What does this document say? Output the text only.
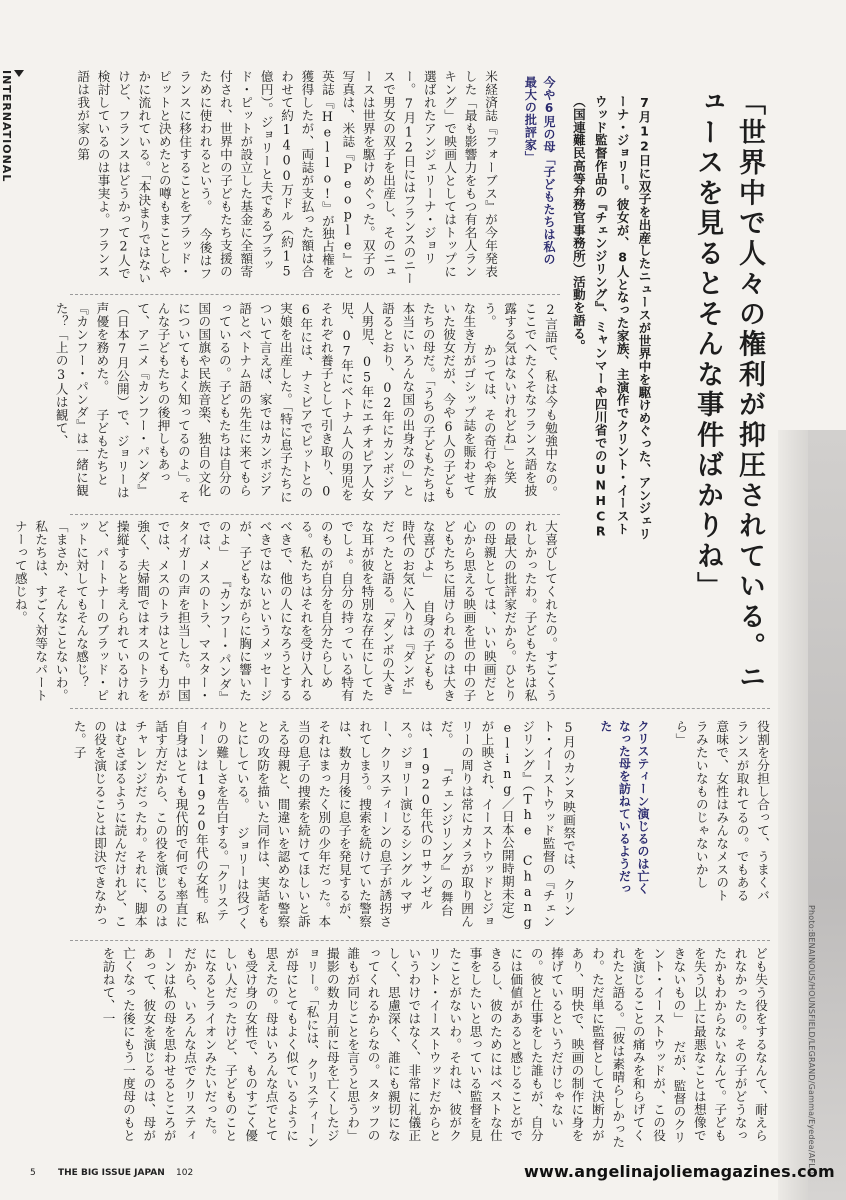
INTERNATIONAL	「世界中で人々の権利が抑圧されている。ニュースを見るとそんな事件ばかりね」
7月12日に双子を出産したニュースが世界中を駆けめぐった、アンジェリーナ・ジョリー。彼女が、8人となった家族、主演作でクリント・イーストウッド監督作品の『チェンジリング』、ミャンマーや四川省でのUNHCR（国連難民高等弁務官事務所）活動を語る。
今や6児の母「子どもたちは私の最大の批評家」
米経済誌『フォーブス』が今年発表した「最も影響力をもつ有名人ランキング」で映画人としてはトップに選ばれたアンジェリーナ・ジョリー。7月12日にはフランスのニースで男女の双子を出産し、そのニュースは世界を駆けめぐった。双子の写真は、米誌『People』と英誌『Hello!』が独占権を獲得したが、両誌が支払った額は合わせて約1400万ドル（約15億円）。ジョリーと夫であるブラッド・ピットが設立した基金に全額寄付され、世界中の子どもたち支援のために使われるという。 今後はフランスに移住することをブラッド・ピットと決めたとの噂もまことしやかに流れている。「本決まりではないけど、フランスはどうかって2人で検討しているのは事実よ。フランス語は我が家の第
2言語で、私は今も勉強中なの。ここでへたくそなフランス語を披露する気はないけれどね」と笑う。 かつては、その奇行や奔放な生き方がゴシップ誌を賑わせていた彼女だが、今や6人の子どもたちの母だ。「うちの子どもたちは本当にいろんな国の出身なの」と語るとおり、02年にカンボジア人男児、05年にエチオピア人女児、07年にベトナム人の男児をそれぞれ養子として引き取り、06年には、ナミビアでピットとの実娘を出産した。「特に息子たちについて言えば、家ではカンボジア語とベトナム語の先生に来てもらっているの。子どもたちは自分の国の国旗や民族音楽、独自の文化についてもよく知ってるのよ」。そんな子どもたちの後押しもあって、アニメ『カンフー・パンダ』（日本7月公開）で、ジョリーは声優を務めた。 子どもたちと『カンフー・パンダ』は一緒に観た？「上の3人は観て、
大喜びしてくれたの。すごくうれしかったわ。子どもたちは私の最大の批評家だから。ひとりの母親としては、いい映画だと心から思える映画を世の中の子どもたちに届けられるのは大きな喜びよ」 自身の子どもも時代のお気に入りは『ダンボ』だったと語る。「ダンボの大きな耳が彼を特別な存在にしてたでしょ。自分の持っている特有のものが自分を自分たらしめる。私たちはそれを受け入れるべきで、他の人になろうとするべきではないというメッセージが、子どもながらに胸に響いたのよ」 『カンフー・パンダ』では、メスのトラ、マスター・タイガーの声を担当した。中国では、メスのトラはとても力が強く、夫婦間ではオスのトラを操縦すると考えられているけれど、パートナーのブラッド・ピットに対してもそんな感じ？「まさか、そんなことないわ。私たちは、すごく対等なパートナーって感じね。
役割を分担し合って、うまくバランスが取れてるの。でもある意味で、女性はみんなメスのトラみたいなものじゃないかしら」
クリスティーン演じるのは亡くなった母を訪ねているようだった
5月のカンヌ映画祭では、クリント・イーストウッド監督の『チェンジリング』（The Changeling／日本公開時期未定）が上映され、イーストウッドとジョリーの周りは常にカメラが取り囲んだ。 『チェンジリング』の舞台は、1920年代のロサンゼルス。ジョリー演じるシングルマザー、クリスティーンの息子が誘拐されてしまう。捜索を続けていた警察は、数カ月後に息子を発見するが、それはまったく別の少年だった。本当の息子の捜索を続けてほしいと訴える母親と、間違いを認めない警察との攻防を描いた同作は、実話をもとにしている。 ジョリーは役づくりの難しさを告白する。「クリスティーンは1920年代の女性。私自身はとても現代的で何でも率直に話す方だから、この役を演じるのはチャレンジだったわ。それに、脚本はむさぼるように読んだけれど、この役を演じることは即決できなかった。子
ども失う役をするなんて、耐えられなかったの。その子がどうなったかもわからないなんて。子どもを失う以上に最悪なことは想像できないもの」 だが、監督のクリント・イーストウッドが、この役を演じることの痛みを和らげてくれたと語る。「彼は素晴らしかったわ。ただ単に監督として決断力があり、明快で、映画の制作に身を捧げているというだけじゃないの。彼と仕事をした誰もが、自分には価値があると感じることができるし、彼のためにはベストな仕事をしたいと思っている監督を見たことがないわ。それは、彼がクリント・イーストウッドだからというわけではなく、非常に礼儀正しく、思慮深く、誰にも親切になってくれるからなの。スタッフの誰もが同じことを言うと思うわ」 撮影の数カ月前に母を亡くしたジョリー。「私には、クリスティーンが母にとてもよく似ているように思えたの。母はいろんな点でとても受け身の女性で、ものすごく優しい人だったけど、子どものことになるとライオンみたいだった。だから、いろんな点でクリスティーンは私の母を思わせるところがあって、彼女を演じるのは、母が亡くなった後にもう一度母のもとを訪ねて、一	Photo:BENAINOUS/HOUNSFIELD/LEGRAND/Gamma/Eyedea/AFLO
5 THE BIG ISSUE JAPAN 102	www.angelinajoliemagazines.com
